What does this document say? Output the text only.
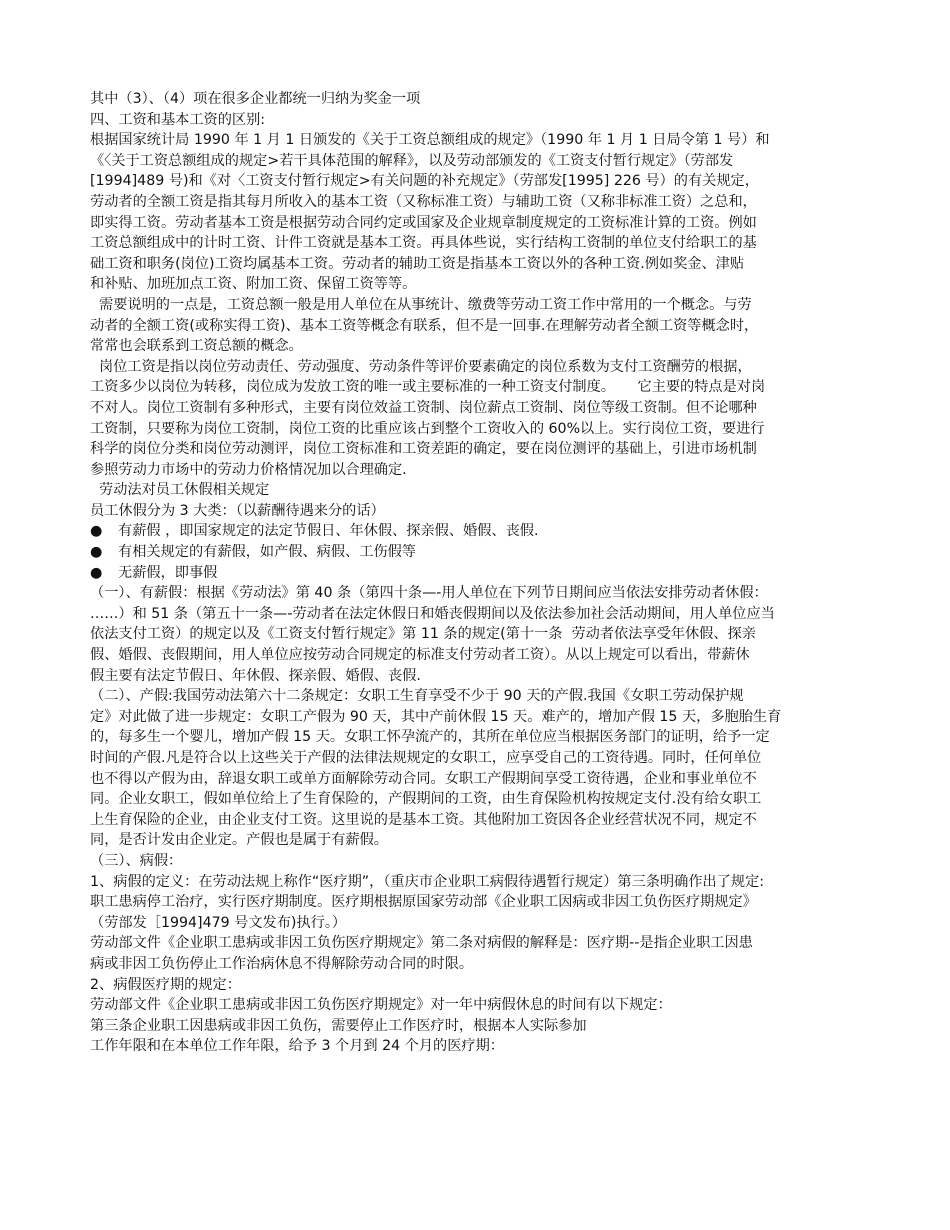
其中（3）、（4）项在很多企业都统一归纳为奖金一项
四、工资和基本工资的区别:
根据国家统计局 1990 年 1 月 1 日颁发的《关于工资总额组成的规定》（1990 年 1 月 1 日局令第 1 号）和
《〈关于工资总额组成的规定>若干具体范围的解释》，以及劳动部颁发的《工资支付暂行规定》（劳部发
[1994]489 号)和《对〈工资支付暂行规定>有关问题的补充规定》（劳部发[1995] 226 号）的有关规定，
劳动者的全额工资是指其每月所收入的基本工资（又称标准工资）与辅助工资（又称非标准工资）之总和，
即实得工资。劳动者基本工资是根据劳动合同约定或国家及企业规章制度规定的工资标准计算的工资。例如
工资总额组成中的计时工资、计件工资就是基本工资。再具体些说，实行结构工资制的单位支付给职工的基
础工资和职务(岗位)工资均属基本工资。劳动者的辅助工资是指基本工资以外的各种工资.例如奖金、津贴
和补贴、加班加点工资、附加工资、保留工资等等。
需要说明的一点是，工资总额一般是用人单位在从事统计、缴费等劳动工资工作中常用的一个概念。与劳
动者的全额工资(或称实得工资)、基本工资等概念有联系，但不是一回事.在理解劳动者全额工资等概念时，
常常也会联系到工资总额的概念。
岗位工资是指以岗位劳动责任、劳动强度、劳动条件等评价要素确定的岗位系数为支付工资酬劳的根据，
工资多少以岗位为转移，岗位成为发放工资的唯一或主要标准的一种工资支付制度。     它主要的特点是对岗
不对人。岗位工资制有多种形式，主要有岗位效益工资制、岗位薪点工资制、岗位等级工资制。但不论哪种
工资制，只要称为岗位工资制，岗位工资的比重应该占到整个工资收入的 60%以上。实行岗位工资，要进行
科学的岗位分类和岗位劳动测评，岗位工资标准和工资差距的确定，要在岗位测评的基础上，引进市场机制
参照劳动力市场中的劳动力价格情况加以合理确定.
劳动法对员工休假相关规定
员工休假分为 3 大类：（以薪酬待遇来分的话）
●	有薪假 ，即国家规定的法定节假日、年休假、探亲假、婚假、丧假.
●	有相关规定的有薪假，如产假、病假、工伤假等
●	无薪假，即事假
（一）、有薪假：根据《劳动法》第 40 条（第四十条—-用人单位在下列节日期间应当依法安排劳动者休假：
……）和 51 条（第五十一条—-劳动者在法定休假日和婚丧假期间以及依法参加社会活动期间，用人单位应当
依法支付工资）的规定以及《工资支付暂行规定》第 11 条的规定(第十一条  劳动者依法享受年休假、探亲
假、婚假、丧假期间，用人单位应按劳动合同规定的标准支付劳动者工资）。从以上规定可以看出，带薪休
假主要有法定节假日、年休假、探亲假、婚假、丧假.
（二）、产假:我国劳动法第六十二条规定：女职工生育享受不少于 90 天的产假.我国《女职工劳动保护规
定》对此做了进一步规定：女职工产假为 90 天，其中产前休假 15 天。难产的，增加产假 15 天，多胞胎生育
的，每多生一个婴儿，增加产假 15 天。女职工怀孕流产的，其所在单位应当根据医务部门的证明，给予一定
时间的产假.凡是符合以上这些关于产假的法律法规规定的女职工，应享受自己的工资待遇。同时，任何单位
也不得以产假为由，辞退女职工或单方面解除劳动合同。女职工产假期间享受工资待遇，企业和事业单位不
同。企业女职工，假如单位给上了生育保险的，产假期间的工资，由生育保险机构按规定支付.没有给女职工
上生育保险的企业，由企业支付工资。这里说的是基本工资。其他附加工资因各企业经营状况不同，规定不
同，是否计发由企业定。产假也是属于有薪假。
（三）、病假：
1、病假的定义：在劳动法规上称作“医疗期”，（重庆市企业职工病假待遇暂行规定）第三条明确作出了规定:
职工患病停工治疗，实行医疗期制度。医疗期根据原国家劳动部《企业职工因病或非因工负伤医疗期规定》
（劳部发［1994]479 号文发布)执行。）
劳动部文件《企业职工患病或非因工负伤医疗期规定》第二条对病假的解释是：医疗期--是指企业职工因患
病或非因工负伤停止工作治病休息不得解除劳动合同的时限。
2、病假医疗期的规定：
劳动部文件《企业职工患病或非因工负伤医疗期规定》对一年中病假休息的时间有以下规定：
第三条企业职工因患病或非因工负伤，需要停止工作医疗时，根据本人实际参加
工作年限和在本单位工作年限，给予 3 个月到 24 个月的医疗期：
